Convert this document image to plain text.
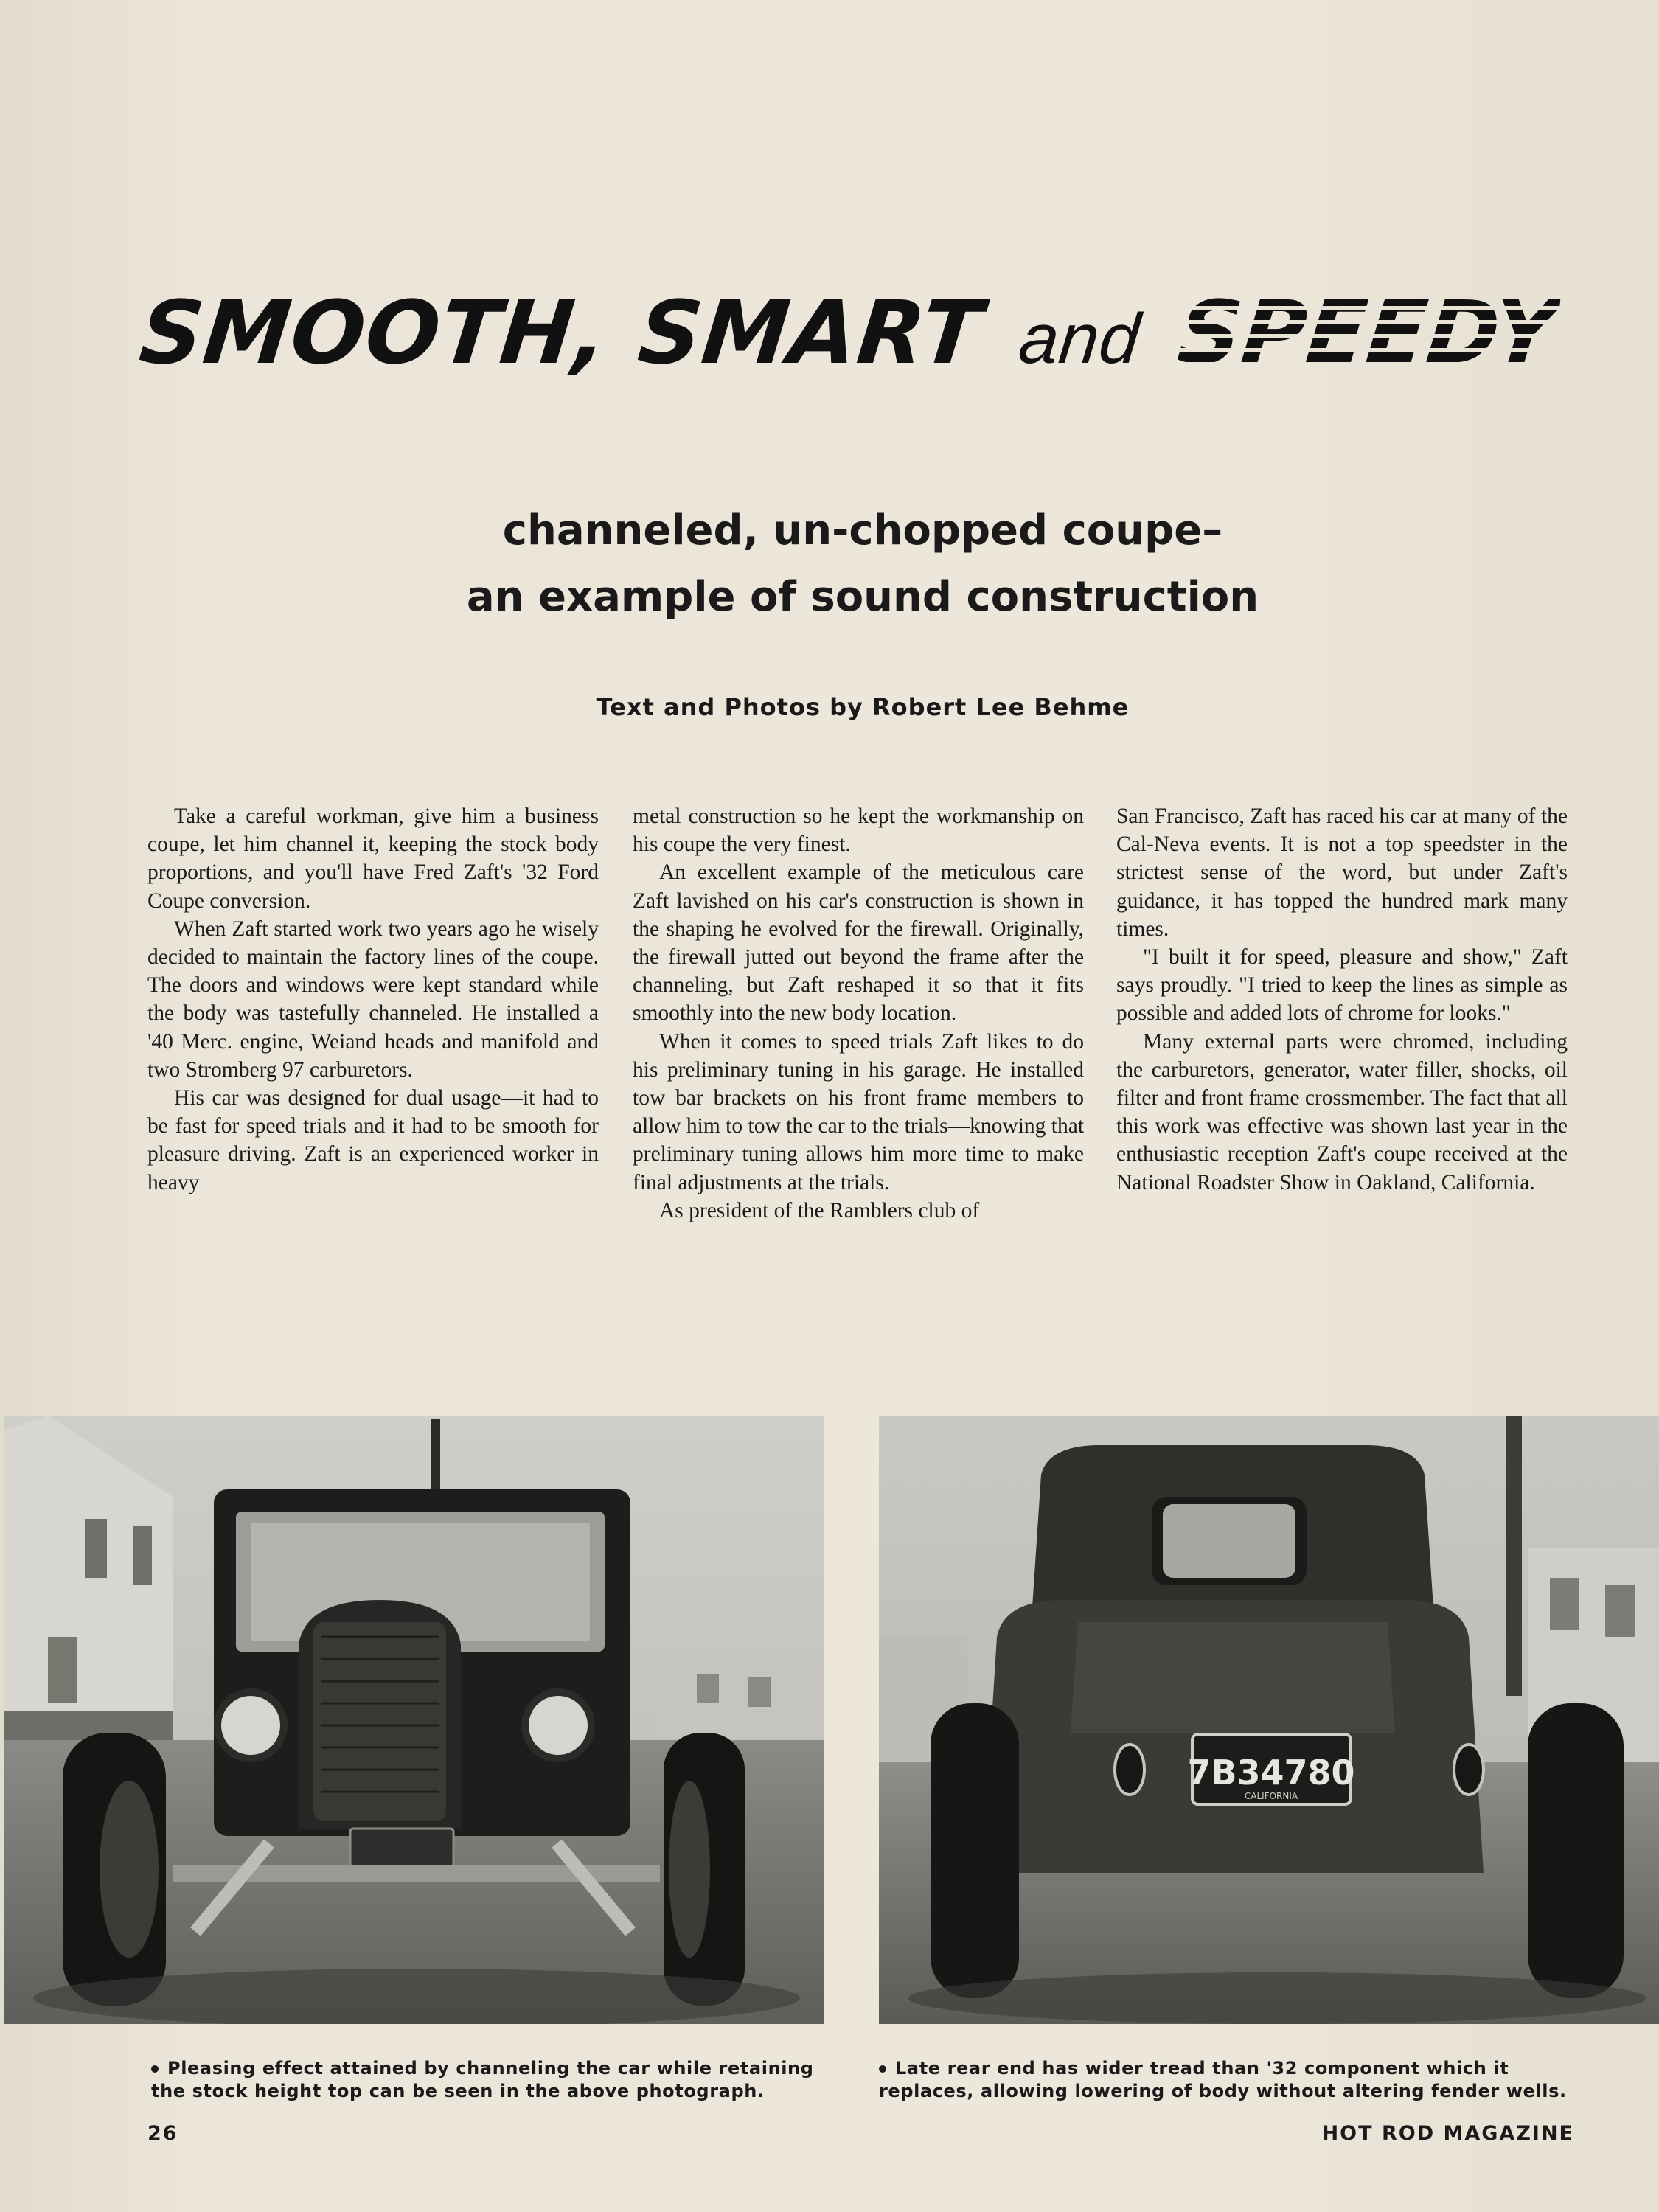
SMOOTH, SMART and SPEEDY
channeled, un-chopped coupe–
an example of sound construction
Text and Photos by Robert Lee Behme

Take a careful workman, give him a business coupe, let him channel it, keeping the stock body proportions, and you'll have Fred Zaft's '32 Ford Coupe conversion.

When Zaft started work two years ago he wisely decided to maintain the factory lines of the coupe. The doors and windows were kept standard while the body was tastefully channeled. He installed a '40 Merc. engine, Weiand heads and manifold and two Stromberg 97 carburetors.

His car was designed for dual usage—it had to be fast for speed trials and it had to be smooth for pleasure driving. Zaft is an experienced worker in heavy

metal construction so he kept the workmanship on his coupe the very finest.

An excellent example of the meticulous care Zaft lavished on his car's construction is shown in the shaping he evolved for the firewall. Originally, the firewall jutted out beyond the frame after the channeling, but Zaft reshaped it so that it fits smoothly into the new body location.

When it comes to speed trials Zaft likes to do his preliminary tuning in his garage. He installed tow bar brackets on his front frame members to allow him to tow the car to the trials—knowing that preliminary tuning allows him more time to make final adjustments at the trials.

As president of the Ramblers club of

San Francisco, Zaft has raced his car at many of the Cal-Neva events. It is not a top speedster in the strictest sense of the word, but under Zaft's guidance, it has topped the hundred mark many times.

"I built it for speed, pleasure and show," Zaft says proudly. "I tried to keep the lines as simple as possible and added lots of chrome for looks."

Many external parts were chromed, including the carburetors, generator, water filler, shocks, oil filter and front frame crossmember. The fact that all this work was effective was shown last year in the enthusiastic reception Zaft's coupe received at the National Roadster Show in Oakland, California.

7B34780
CALIFORNIA
Pleasing effect attained by channeling the car while retaining the stock height top can be seen in the above photograph.
Late rear end has wider tread than '32 component which it replaces, allowing lowering of body without altering fender wells.
26	HOT ROD MAGAZINE
